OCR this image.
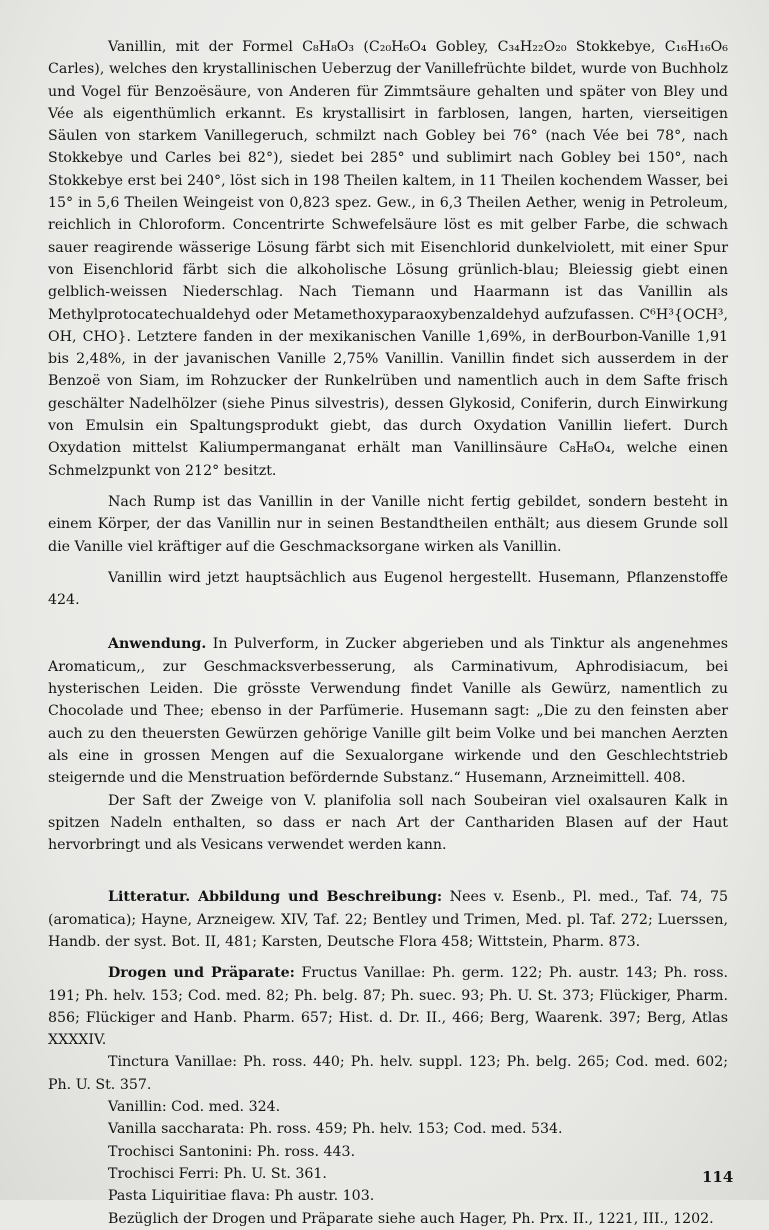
Vanillin, mit der Formel C₈H₈O₃ (C₂₀H₆O₄ Gobley, C₃₄H₂₂O₂₀ Stokkebye, C₁₆H₁₆O₆ Carles), welches den krystallinischen Ueberzug der Vanillefrüchte bildet, wurde von Buchholz und Vogel für Benzoësäure, von Anderen für Zimmtsäure gehalten und später von Bley und Vée als eigenthümlich erkannt. Es krystallisirt in farblosen, langen, harten, vierseitigen Säulen von starkem Vanillegeruch, schmilzt nach Gobley bei 76° (nach Vée bei 78°, nach Stokkebye und Carles bei 82°), siedet bei 285° und sublimirt nach Gobley bei 150°, nach Stokkebye erst bei 240°, löst sich in 198 Theilen kaltem, in 11 Theilen kochendem Wasser, bei 15° in 5,6 Theilen Weingeist von 0,823 spez. Gew., in 6,3 Theilen Aether, wenig in Petroleum, reichlich in Chloroform. Concentrirte Schwefelsäure löst es mit gelber Farbe, die schwach sauer reagirende wässerige Lösung färbt sich mit Eisenchlorid dunkelviolett, mit einer Spur von Eisenchlorid färbt sich die alkoholische Lösung grünlich-blau; Bleiessig giebt einen gelblich-weissen Niederschlag. Nach Tiemann und Haarmann ist das Vanillin als Methylprotocatechualdehyd oder Metamethoxyparaoxybenzaldehyd aufzufassen. C⁶H³{OCH³, OH, CHO}. Letztere fanden in der mexikanischen Vanille 1,69%, in derBourbon-Vanille 1,91 bis 2,48%, in der javanischen Vanille 2,75% Vanillin. Vanillin findet sich ausserdem in der Benzoë von Siam, im Rohzucker der Runkelrüben und namentlich auch in dem Safte frisch geschälter Nadelhölzer (siehe Pinus silvestris), dessen Glykosid, Coniferin, durch Einwirkung von Emulsin ein Spaltungsprodukt giebt, das durch Oxydation Vanillin liefert. Durch Oxydation mittelst Kaliumpermanganat erhält man Vanillinsäure C₈H₈O₄, welche einen Schmelzpunkt von 212° besitzt.

Nach Rump ist das Vanillin in der Vanille nicht fertig gebildet, sondern besteht in einem Körper, der das Vanillin nur in seinen Bestandtheilen enthält; aus diesem Grunde soll die Vanille viel kräftiger auf die Geschmacksorgane wirken als Vanillin.

Vanillin wird jetzt hauptsächlich aus Eugenol hergestellt. Husemann, Pflanzenstoffe 424.

Anwendung. In Pulverform, in Zucker abgerieben und als Tinktur als angenehmes Aromaticum,, zur Geschmacksverbesserung, als Carminativum, Aphrodisiacum, bei hysterischen Leiden. Die grösste Verwendung findet Vanille als Gewürz, namentlich zu Chocolade und Thee; ebenso in der Parfümerie. Husemann sagt: „Die zu den feinsten aber auch zu den theuersten Gewürzen gehörige Vanille gilt beim Volke und bei manchen Aerzten als eine in grossen Mengen auf die Sexualorgane wirkende und den Geschlechtstrieb steigernde und die Menstruation befördernde Substanz.“ Husemann, Arzneimittell. 408.

Der Saft der Zweige von V. planifolia soll nach Soubeiran viel oxalsauren Kalk in spitzen Nadeln enthalten, so dass er nach Art der Canthariden Blasen auf der Haut hervorbringt und als Vesicans verwendet werden kann.

Litteratur. Abbildung und Beschreibung: Nees v. Esenb., Pl. med., Taf. 74, 75 (aromatica); Hayne, Arzneigew. XIV, Taf. 22; Bentley und Trimen, Med. pl. Taf. 272; Luerssen, Handb. der syst. Bot. II, 481; Karsten, Deutsche Flora 458; Wittstein, Pharm. 873.

Drogen und Präparate: Fructus Vanillae: Ph. germ. 122; Ph. austr. 143; Ph. ross. 191; Ph. helv. 153; Cod. med. 82; Ph. belg. 87; Ph. suec. 93; Ph. U. St. 373; Flückiger, Pharm. 856; Flückiger and Hanb. Pharm. 657; Hist. d. Dr. II., 466; Berg, Waarenk. 397; Berg, Atlas XXXXIV.

Tinctura Vanillae: Ph. ross. 440; Ph. helv. suppl. 123; Ph. belg. 265; Cod. med. 602; Ph. U. St. 357.

Vanillin: Cod. med. 324.

Vanilla saccharata: Ph. ross. 459; Ph. helv. 153; Cod. med. 534.

Trochisci Santonini: Ph. ross. 443.

Trochisci Ferri: Ph. U. St. 361.

Pasta Liquiritiae flava: Ph austr. 103.

Bezüglich der Drogen und Präparate siehe auch Hager, Ph. Prx. II., 1221, III., 1202.

114
